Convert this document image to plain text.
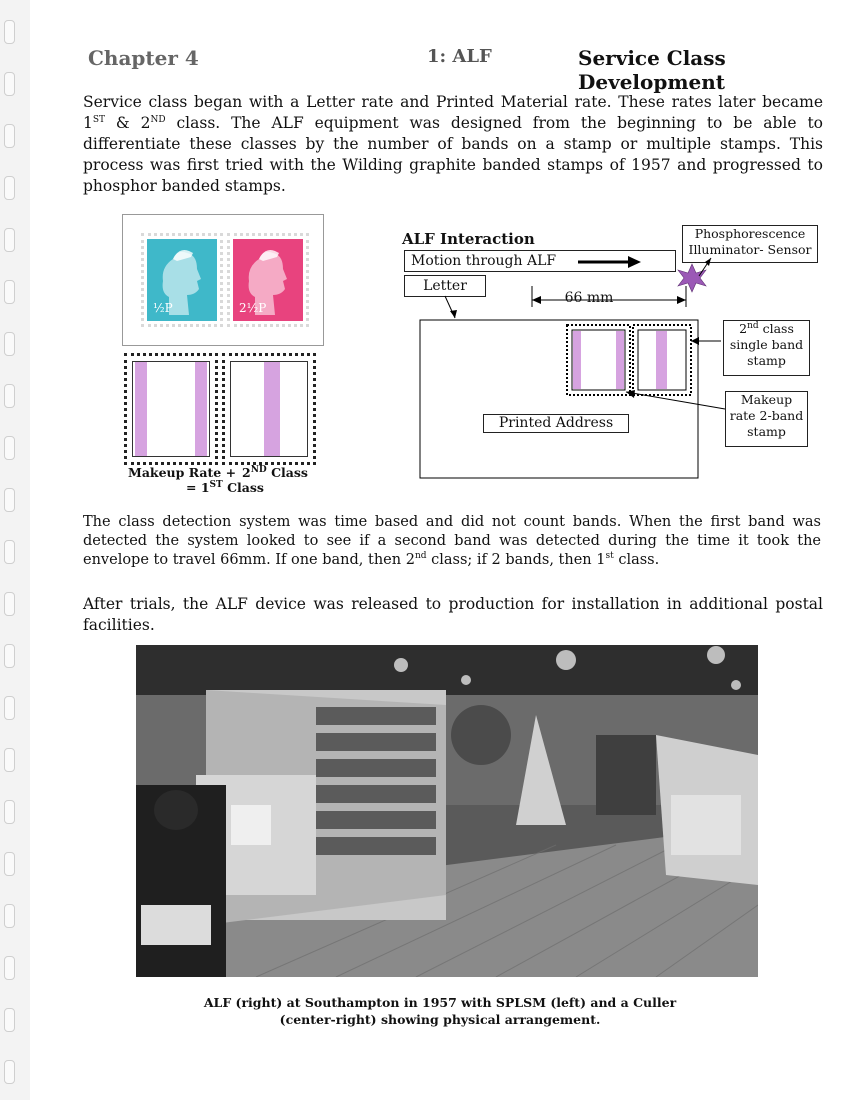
Chapter 4	1: ALF	Service Class Development
Service class began with a Letter rate and Printed Material rate. These rates later became 1ST & 2ND class. The ALF equipment was designed from the beginning to be able to differentiate these classes by the number of bands on a stamp or multiple stamps. This process was first tried with the Wilding graphite banded stamps of 1957 and progressed to phosphor banded stamps.
½P	2½P
Makeup Rate + 2ND Class
= 1ST Class
ALF Interaction
Motion through ALF
Letter
Phosphorescence
Illuminator- Sensor
66 mm
Printed Address
2nd class
single band
stamp
Makeup
rate 2-band
stamp
The class detection system was time based and did not count bands. When the first band was detected the system looked to see if a second band was detected during the time it took the envelope to travel 66mm. If one band, then 2nd class; if 2 bands, then 1st class.
After trials, the ALF device was released to production for installation in additional postal facilities.
ALF (right) at Southampton in 1957 with SPLSM (left) and a Culler
(center-right) showing physical arrangement.
